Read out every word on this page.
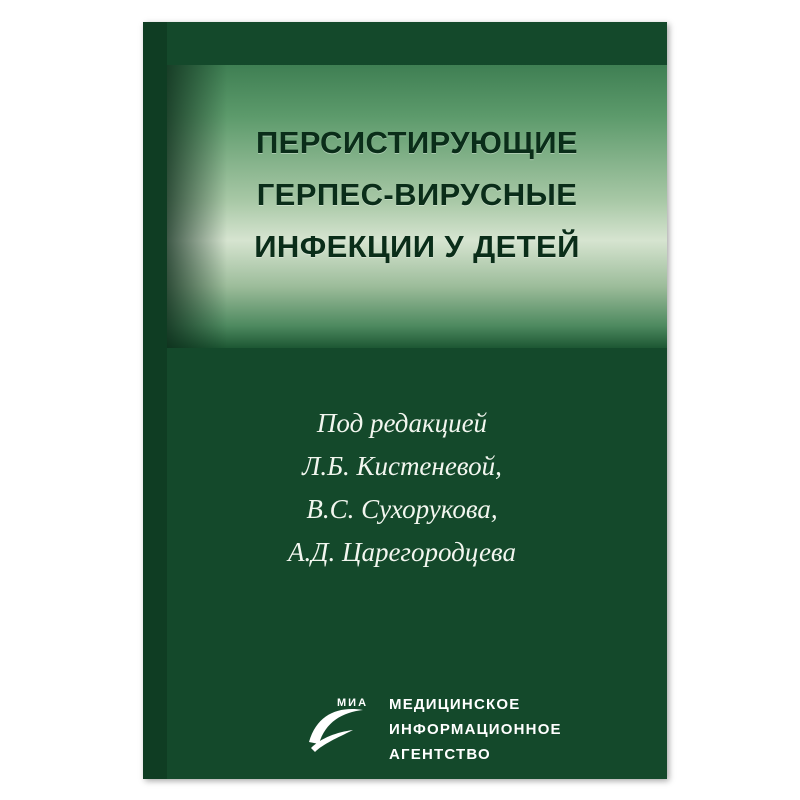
ПЕРСИСТИРУЮЩИЕ
ГЕРПЕС-ВИРУСНЫЕ
ИНФЕКЦИИ У ДЕТЕЙ
Под редакцией
Л.Б. Кистеневой,
В.С. Сухорукова,
А.Д. Царегородцева
МИА МЕДИЦИНСКОЕ
ИНФОРМАЦИОННОЕ
АГЕНТСТВО
